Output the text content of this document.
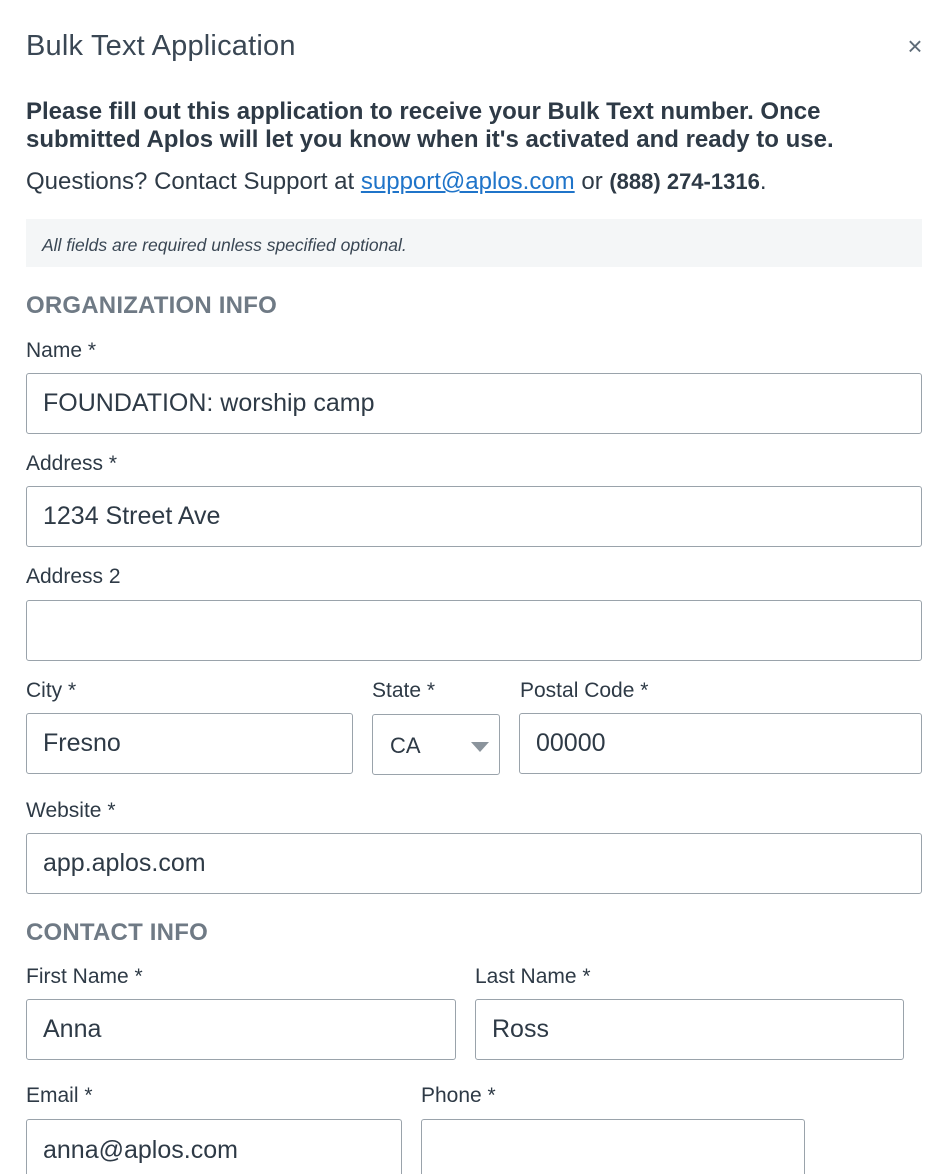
Bulk Text Application	×

Please fill out this application to receive your Bulk Text number. Once submitted Aplos will let you know when it's activated and ready to use.

Questions? Contact Support at support@aplos.com or (888) 274-1316.

All fields are required unless specified optional.
ORGANIZATION INFO
Name *
FOUNDATION: worship camp
Address *
1234 Street Ave
Address 2
City *
Fresno	State *
CA
Postal Code *
00000
Website *
app.aplos.com
CONTACT INFO
First Name *
Anna	Last Name *
Ross
Email *
anna@aplos.com	Phone *
